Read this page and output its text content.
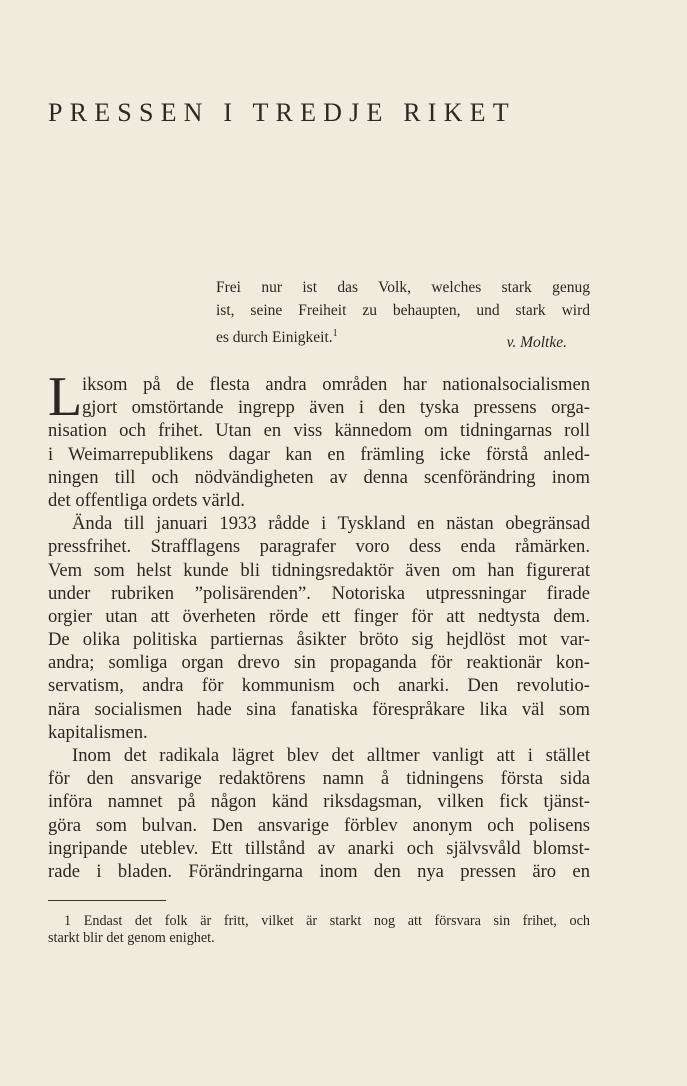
PRESSEN I TREDJE RIKET
Frei nur ist das Volk, welches stark genug
ist, seine Freiheit zu behaupten, und stark wird
es durch Einigkeit.$^1$
v. Moltke.
L iksom på de flesta andra områden har nationalsocialismen
gjort omstörtande ingrepp även i den tyska pressens orga-
nisation och frihet. Utan en viss kännedom om tidningarnas roll
i Weimarrepublikens dagar kan en främling icke förstå anled-
ningen till och nödvändigheten av denna scenförändring inom
det offentliga ordets värld.
Ända till januari 1933 rådde i Tyskland en nästan obegränsad
pressfrihet. Strafflagens paragrafer voro dess enda råmärken.
Vem som helst kunde bli tidningsredaktör även om han figurerat
under rubriken ”polisärenden”. Notoriska utpressningar firade
orgier utan att överheten rörde ett finger för att nedtysta dem.
De olika politiska partiernas åsikter bröto sig hejdlöst mot var-
andra; somliga organ drevo sin propaganda för reaktionär kon-
servatism, andra för kommunism och anarki. Den revolutio-
nära socialismen hade sina fanatiska förespråkare lika väl som
kapitalismen.
Inom det radikala lägret blev det alltmer vanligt att i stället
för den ansvarige redaktörens namn å tidningens första sida
införa namnet på någon känd riksdagsman, vilken fick tjänst-
göra som bulvan. Den ansvarige förblev anonym och polisens
ingripande uteblev. Ett tillstånd av anarki och självsvåld blomst-
rade i bladen. Förändringarna inom den nya pressen äro en
1 Endast det folk är fritt, vilket är starkt nog att försvara sin frihet, och
starkt blir det genom enighet.
